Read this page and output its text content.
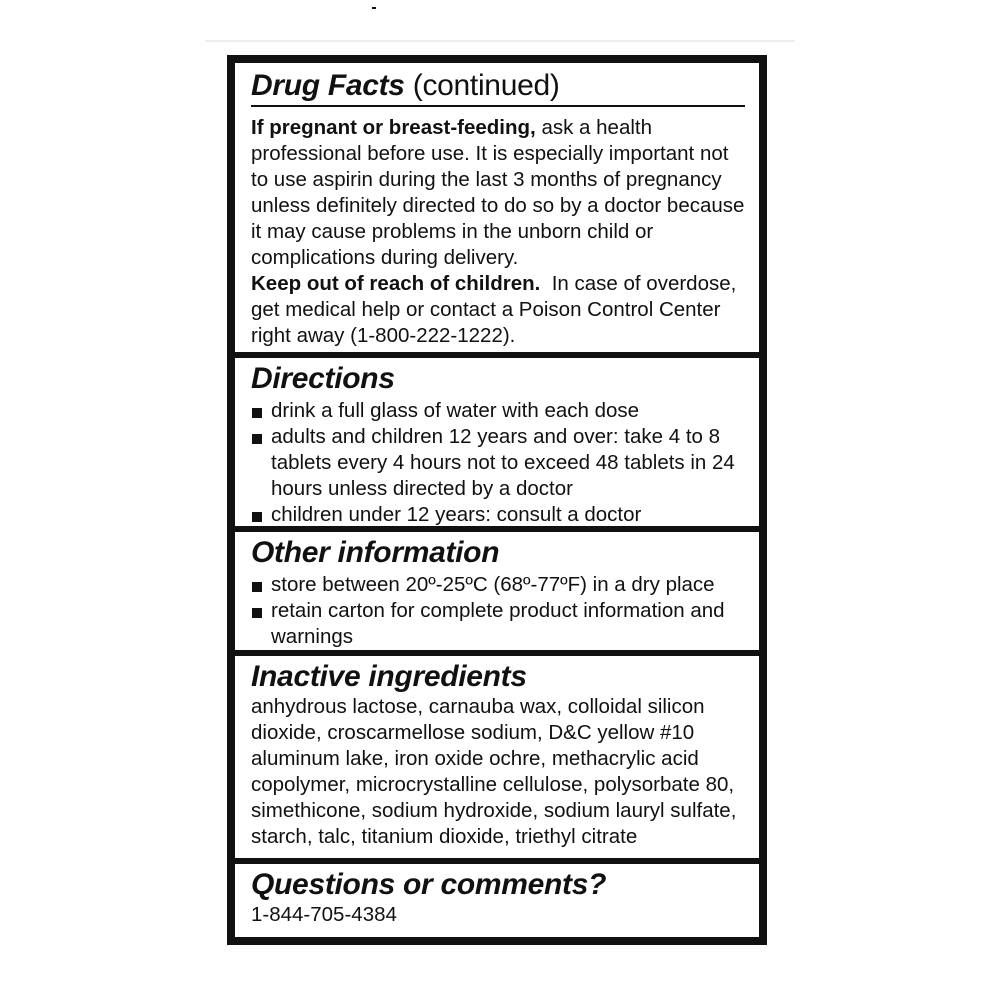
Drug Facts (continued)

If pregnant or breast-feeding, ask a health professional before use. It is especially important not to use aspirin during the last 3 months of pregnancy unless definitely directed to do so by a doctor because it may cause problems in the unborn child or complications during delivery.

Keep out of reach of children. In case of overdose, get medical help or contact a Poison Control Center right away (1-800-222-1222).

Directions
drink a full glass of water with each dose
adults and children 12 years and over: take 4 to 8 tablets every 4 hours not to exceed 48 tablets in 24 hours unless directed by a doctor
children under 12 years: consult a doctor
Other information
store between 20º-25ºC (68º-77ºF) in a dry place
retain carton for complete product information and warnings
Inactive ingredients

anhydrous lactose, carnauba wax, colloidal silicon dioxide, croscarmellose sodium, D&C yellow #10 aluminum lake, iron oxide ochre, methacrylic acid copolymer, microcrystalline cellulose, polysorbate 80, simethicone, sodium hydroxide, sodium lauryl sulfate, starch, talc, titanium dioxide, triethyl citrate

Questions or comments?

1-844-705-4384
